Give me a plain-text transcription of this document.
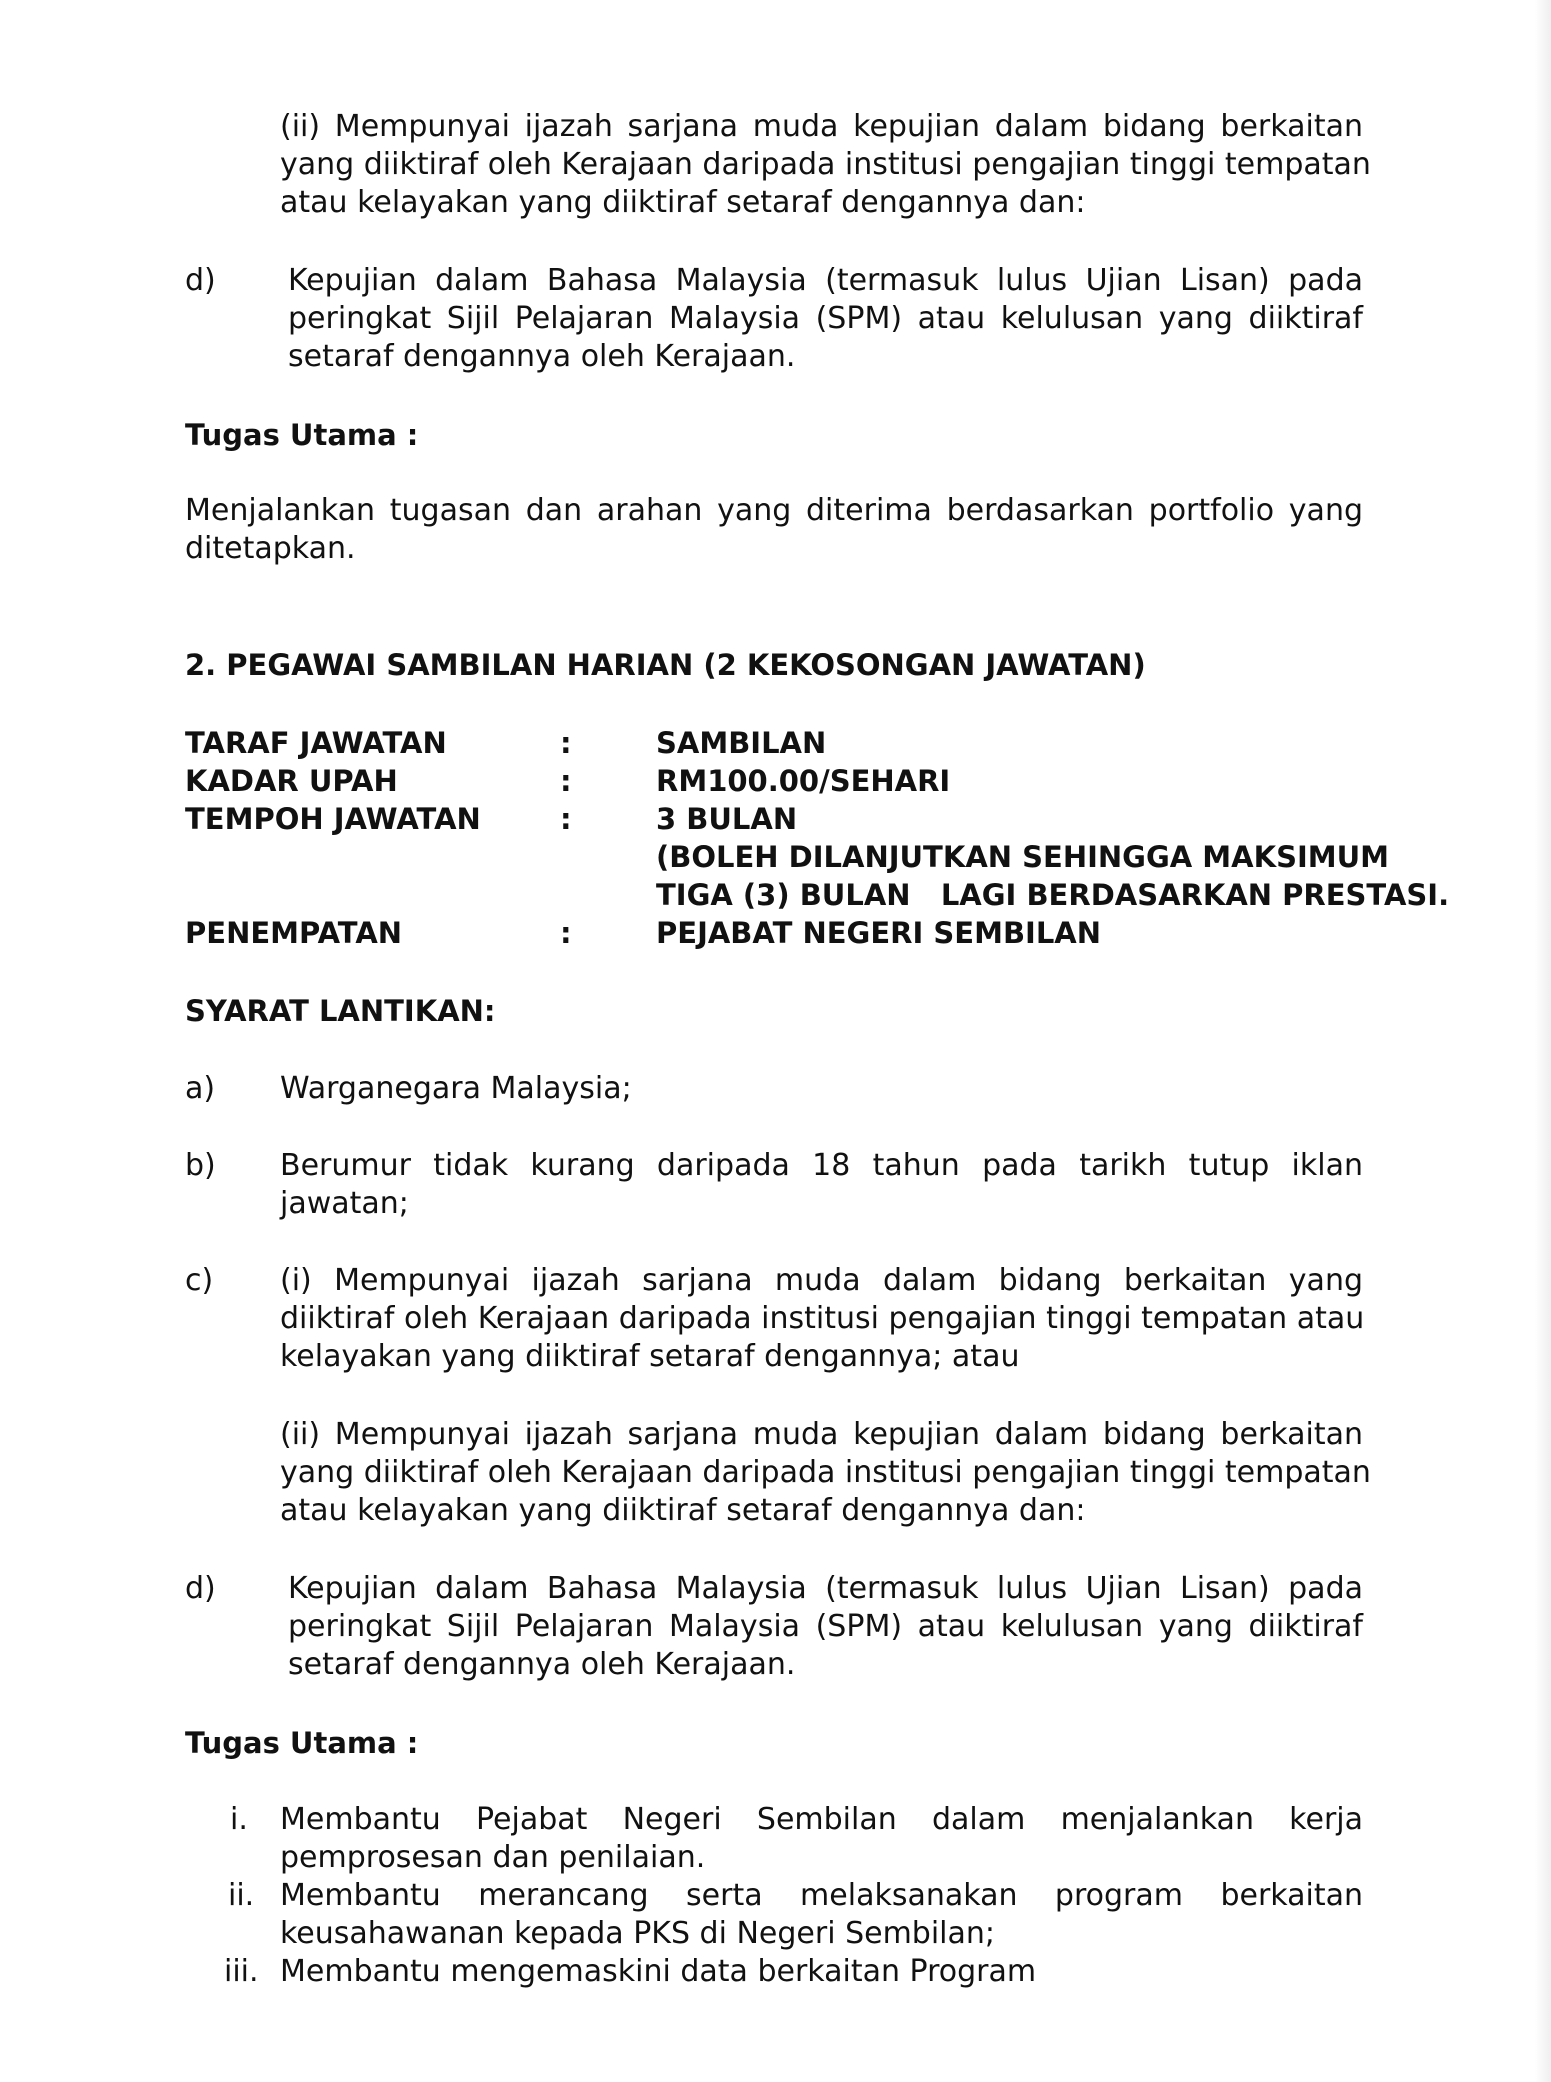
(ii) Mempunyai ijazah sarjana muda kepujian dalam bidang berkaitan
yang diiktiraf oleh Kerajaan daripada institusi pengajian tinggi tempatan
atau kelayakan yang diiktiraf setaraf dengannya dan:
d) Kepujian dalam Bahasa Malaysia (termasuk lulus Ujian Lisan) pada
peringkat Sijil Pelajaran Malaysia (SPM) atau kelulusan yang diiktiraf
setaraf dengannya oleh Kerajaan.
Tugas Utama :
Menjalankan tugasan dan arahan yang diterima berdasarkan portfolio yang
ditetapkan.
2. PEGAWAI SAMBILAN HARIAN (2 KEKOSONGAN JAWATAN)
TARAF JAWATAN	:	SAMBILAN
KADAR UPAH	:	RM100.00/SEHARI
TEMPOH JAWATAN	:	3 BULAN
(BOLEH DILANJUTKAN SEHINGGA MAKSIMUM
TIGA (3) BULAN   LAGI BERDASARKAN PRESTASI.
PENEMPATAN	:	PEJABAT NEGERI SEMBILAN
SYARAT LANTIKAN:
a) Warganegara Malaysia;
b) Berumur tidak kurang daripada 18 tahun pada tarikh tutup iklan
jawatan;
c) (i) Mempunyai ijazah sarjana muda dalam bidang berkaitan yang
diiktiraf oleh Kerajaan daripada institusi pengajian tinggi tempatan atau
kelayakan yang diiktiraf setaraf dengannya; atau
(ii) Mempunyai ijazah sarjana muda kepujian dalam bidang berkaitan
yang diiktiraf oleh Kerajaan daripada institusi pengajian tinggi tempatan
atau kelayakan yang diiktiraf setaraf dengannya dan:
d) Kepujian dalam Bahasa Malaysia (termasuk lulus Ujian Lisan) pada
peringkat Sijil Pelajaran Malaysia (SPM) atau kelulusan yang diiktiraf
setaraf dengannya oleh Kerajaan.
Tugas Utama :
i. Membantu Pejabat Negeri Sembilan dalam menjalankan kerja
pemprosesan dan penilaian.
ii. Membantu merancang serta melaksanakan program berkaitan
keusahawanan kepada PKS di Negeri Sembilan;
iii. Membantu mengemaskini data berkaitan Program
